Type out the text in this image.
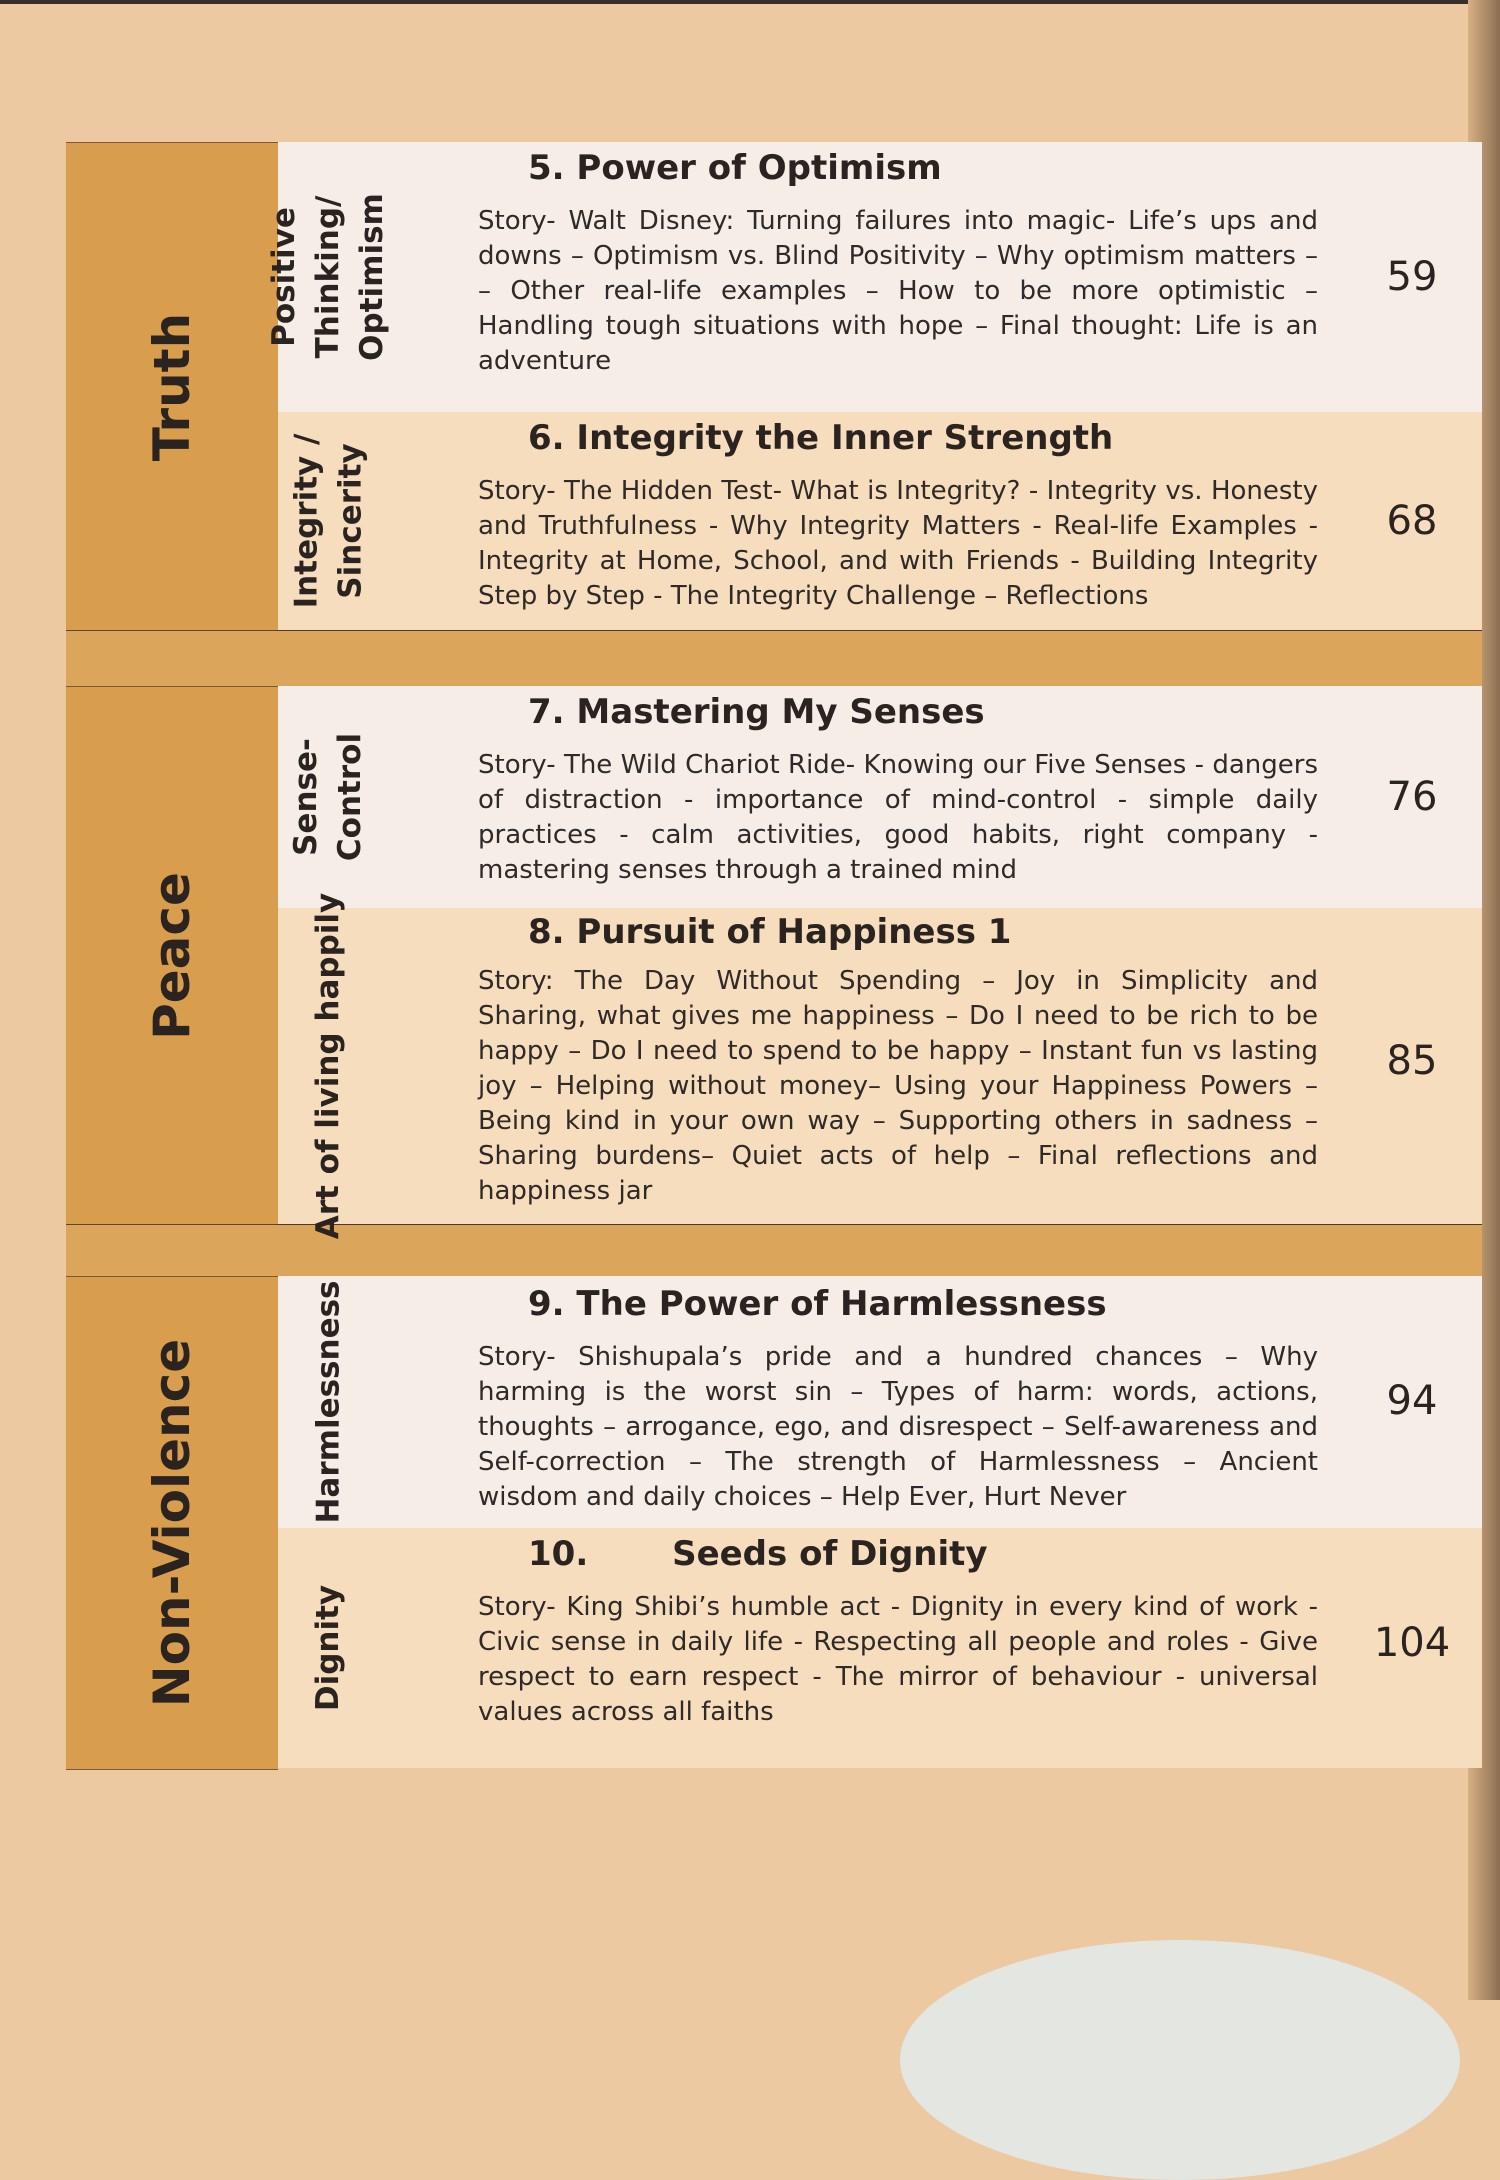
Truth
Peace
Non-Violence
Positive Thinking/ Optimism
5. Power of Optimism
Story- Walt Disney: Turning failures into magic- Life’s ups and downs – Optimism vs. Blind Positivity – Why optimism matters – – Other real-life examples – How to be more optimistic – Handling tough situations with hope – Final thought: Life is an adventure
59
Integrity / Sincerity
6. Integrity the Inner Strength
Story- The Hidden Test- What is Integrity? - Integrity vs. Honesty and Truthfulness - Why Integrity Matters - Real-life Examples - Integrity at Home, School, and with Friends - Building Integrity Step by Step - The Integrity Challenge – Reflections
68
Sense- Control
7. Mastering My Senses
Story- The Wild Chariot Ride- Knowing our Five Senses - dangers of distraction - importance of mind-control - simple daily practices - calm activities, good habits, right company - mastering senses through a trained mind
76
Art of living happily	8. Pursuit of Happiness 1
Story: The Day Without Spending – Joy in Simplicity and Sharing, what gives me happiness – Do I need to be rich to be happy – Do I need to spend to be happy – Instant fun vs lasting joy – Helping without money– Using your Happiness Powers – Being kind in your own way – Supporting others in sadness – Sharing burdens– Quiet acts of help – Final reflections and happiness jar
85
Harmlessness	9. The Power of Harmlessness
Story- Shishupala’s pride and a hundred chances – Why harming is the worst sin – Types of harm: words, actions, thoughts – arrogance, ego, and disrespect – Self-awareness and Self-correction – The strength of Harmlessness – Ancient wisdom and daily choices – Help Ever, Hurt Never
94
Dignity
10. Seeds of Dignity
Story- King Shibi’s humble act - Dignity in every kind of work - Civic sense in daily life - Respecting all people and roles - Give respect to earn respect - The mirror of behaviour - universal values across all faiths
104
